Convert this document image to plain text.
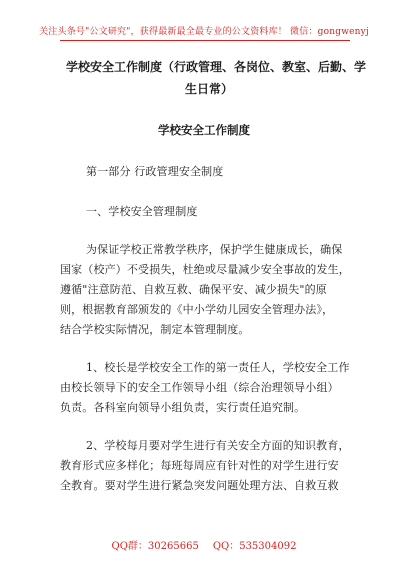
关注头条号"公文研究"，获得最新最全最专业的公文资料库！ 微信：gongwenyj
学校安全工作制度（行政管理、各岗位、教室、后勤、学
生日常）
学校安全工作制度
第一部分 行政管理安全制度
一、学校安全管理制度
为保证学校正常教学秩序，保护学生健康成长，确保
国家（校产）不受损失，杜绝或尽量减少安全事故的发生，
遵循"注意防范、自救互救、确保平安、减少损失"的原
则，根据教育部颁发的《中小学幼儿园安全管理办法》，
结合学校实际情况，制定本管理制度。
1、校长是学校安全工作的第一责任人，学校安全工作
由校长领导下的安全工作领导小组（综合治理领导小组）
负责。各科室向领导小组负责，实行责任追究制。
2、学校每月要对学生进行有关安全方面的知识教育，
教育形式应多样化；每班每周应有针对性的对学生进行安
全教育。要对学生进行紧急突发问题处理方法、自救互救
QQ群：30265665 QQ：535304092
